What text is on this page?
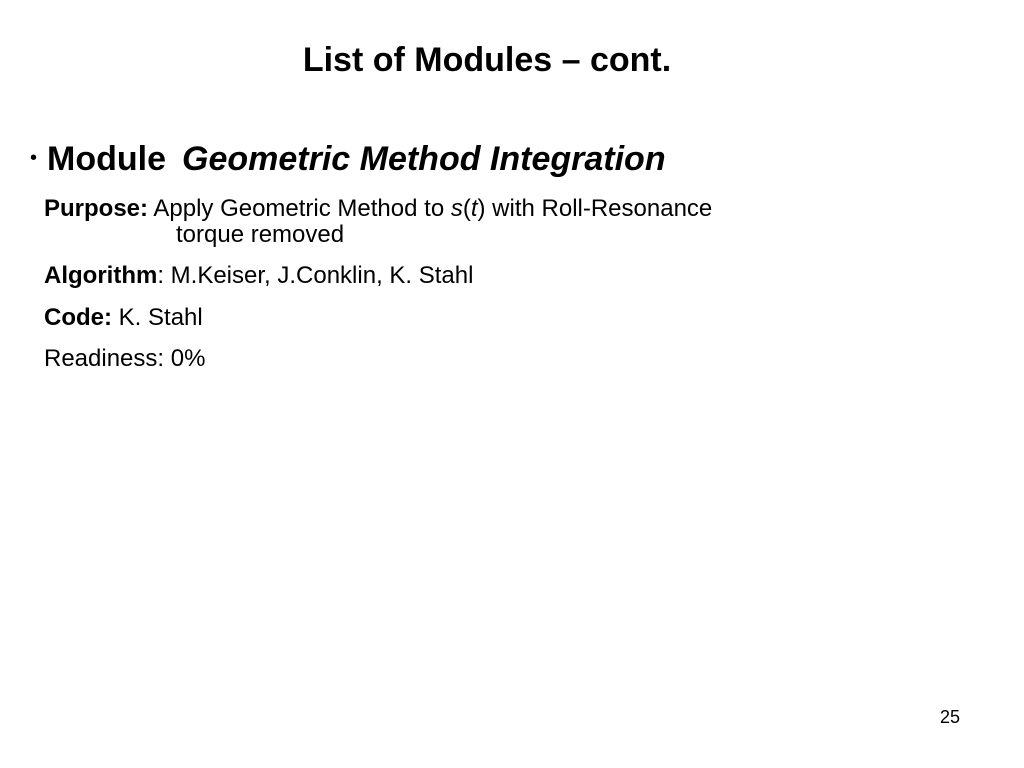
List of Modules – cont.
• Module Geometric Method Integration
Purpose: Apply Geometric Method to s(t) with Roll-Resonance
torque removed
Algorithm: M.Keiser, J.Conklin, K. Stahl
Code: K. Stahl
Readiness: 0%
25
